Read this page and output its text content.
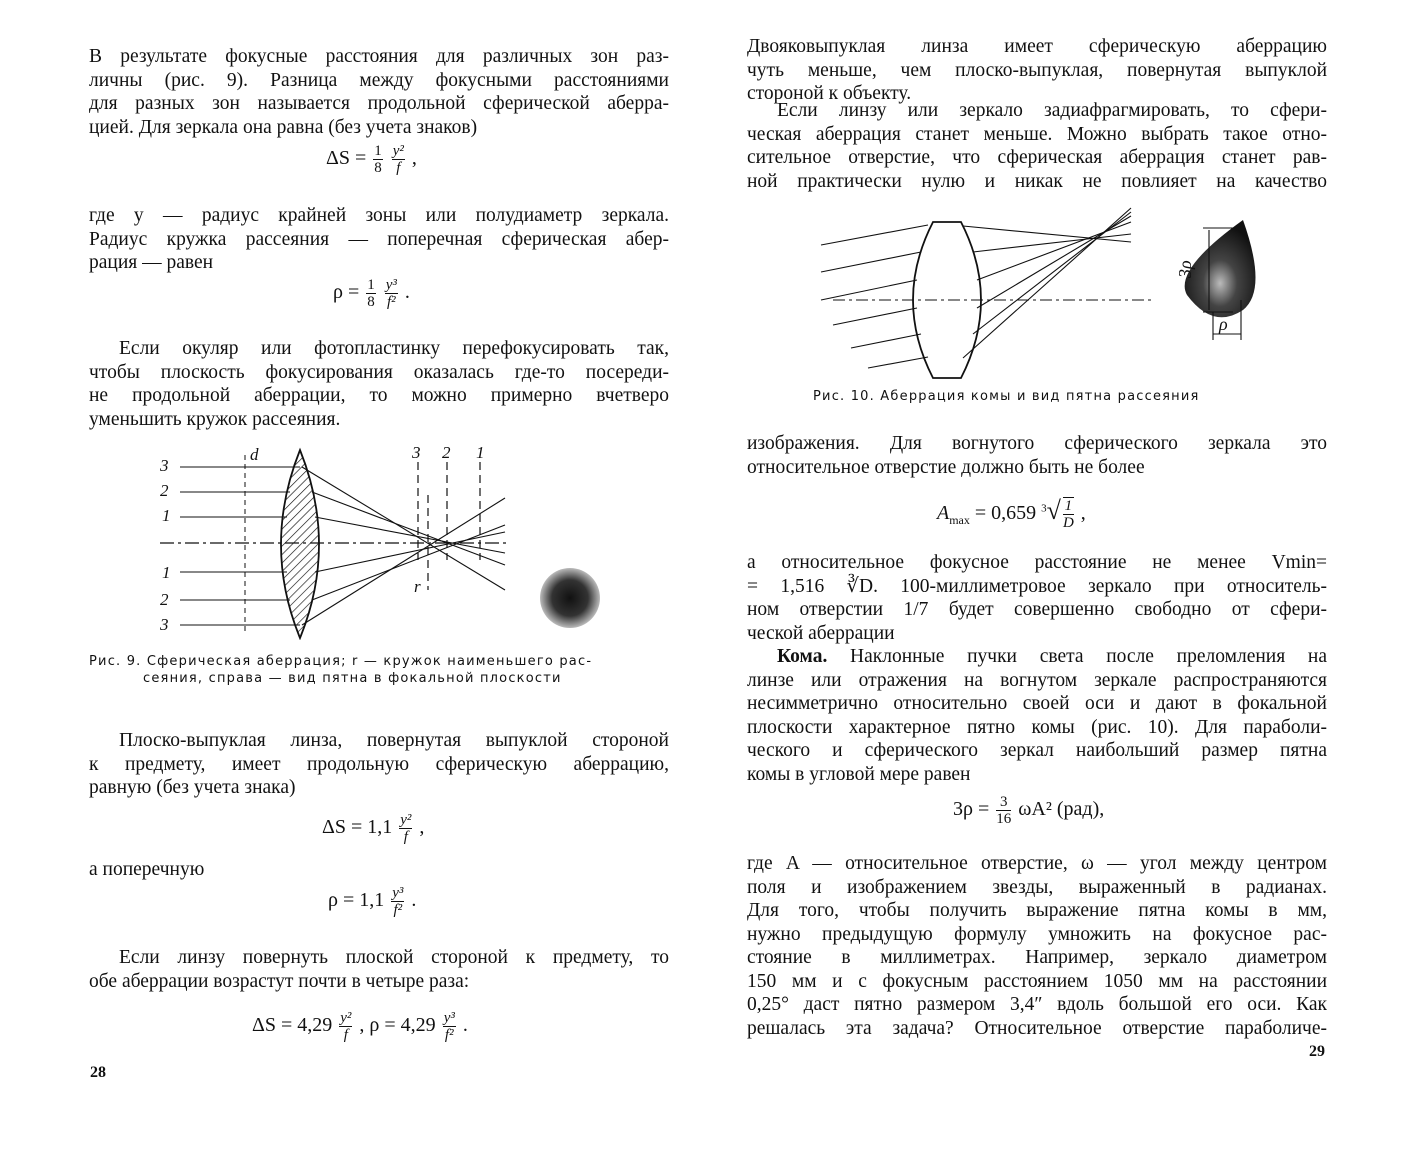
В результате фокусные расстояния для различных зон раз-
личны (рис. 9). Разница между фокусными расстояниями
для разных зон называется продольной сферической аберра-
цией. Для зеркала она равна (без учета знаков)
$\Delta S = \frac{1}{8}$
$\frac{\text{y²}}{f}$ ,
где y — радиус крайней зоны или полудиаметр зеркала.
Радиус кружка рассеяния — поперечная сферическая абер-
рация — равен
$\rho = \frac{1}{8}$
$\frac{\text{y³}}{\text{f²}}$ .
Если окуляр или фотопластинку перефокусировать так,
чтобы плоскость фокусирования оказалась где-то посереди-
не продольной аберрации, то можно примерно вчетверо
уменьшить кружок рассеяния.
3
2
1
1
2
3
d	3 2 1
r
Рис. 9. Сферическая аберрация; r — кружок наименьшего рас-
сеяния, справа — вид пятна в фокальной плоскости
Плоско-выпуклая линза, повернутая выпуклой стороной
к предмету, имеет продольную сферическую аберрацию,
равную (без учета знака)
$\Delta S = 1,1 \frac{\text{y²}}{f}$ ,
а поперечную
$\rho = 1,1 \frac{\text{y³}}{\text{f²}}$ .
Если линзу повернуть плоской стороной к предмету, то
обе аберрации возрастут почти в четыре раза:
$\Delta S = 4,29 \frac{\text{y²}}{f}$ , $\rho = 4,29 \frac{\text{y³}}{\text{f²}}$ .
28
Двояковыпуклая линза имеет сферическую аберрацию
чуть меньше, чем плоско-выпуклая, повернутая выпуклой
стороной к объекту.
Если линзу или зеркало задиафрагмировать, то сфери-
ческая аберрация станет меньше. Можно выбрать такое отно-
сительное отверстие, что сферическая аберрация станет рав-
ной практически нулю и никак не повлияет на качество
3ρ
ρ
Рис. 10. Аберрация комы и вид пятна рассеяния
изображения. Для вогнутого сферического зеркала это
относительное отверстие должно быть не более
$A_{max} = 0,659$ $^3√ \frac{1}{D}$ ,
а относительное фокусное расстояние не менее Vmin=
= 1,516 ∛D. 100-миллиметровое зеркало при относитель-
ном отверстии 1/7 будет совершенно свободно от сфери-
ческой аберрации
Кома. Наклонные пучки света после преломления на
линзе или отражения на вогнутом зеркале распространяются
несимметрично относительно своей оси и дают в фокальной
плоскости характерное пятно комы (рис. 10). Для параболи-
ческого и сферического зеркал наибольший размер пятна
комы в угловой мере равен
$3\rho = \frac{3}{16} \omega A^2$ (рад),
где A — относительное отверстие, ω — угол между центром
поля и изображением звезды, выраженный в радианах.
Для того, чтобы получить выражение пятна комы в мм,
нужно предыдущую формулу умножить на фокусное рас-
стояние в миллиметрах. Например, зеркало диаметром
150 мм и с фокусным расстоянием 1050 мм на расстоянии
0,25° даст пятно размером 3,4″ вдоль большой его оси. Как
решалась эта задача? Относительное отверстие параболиче-
29
